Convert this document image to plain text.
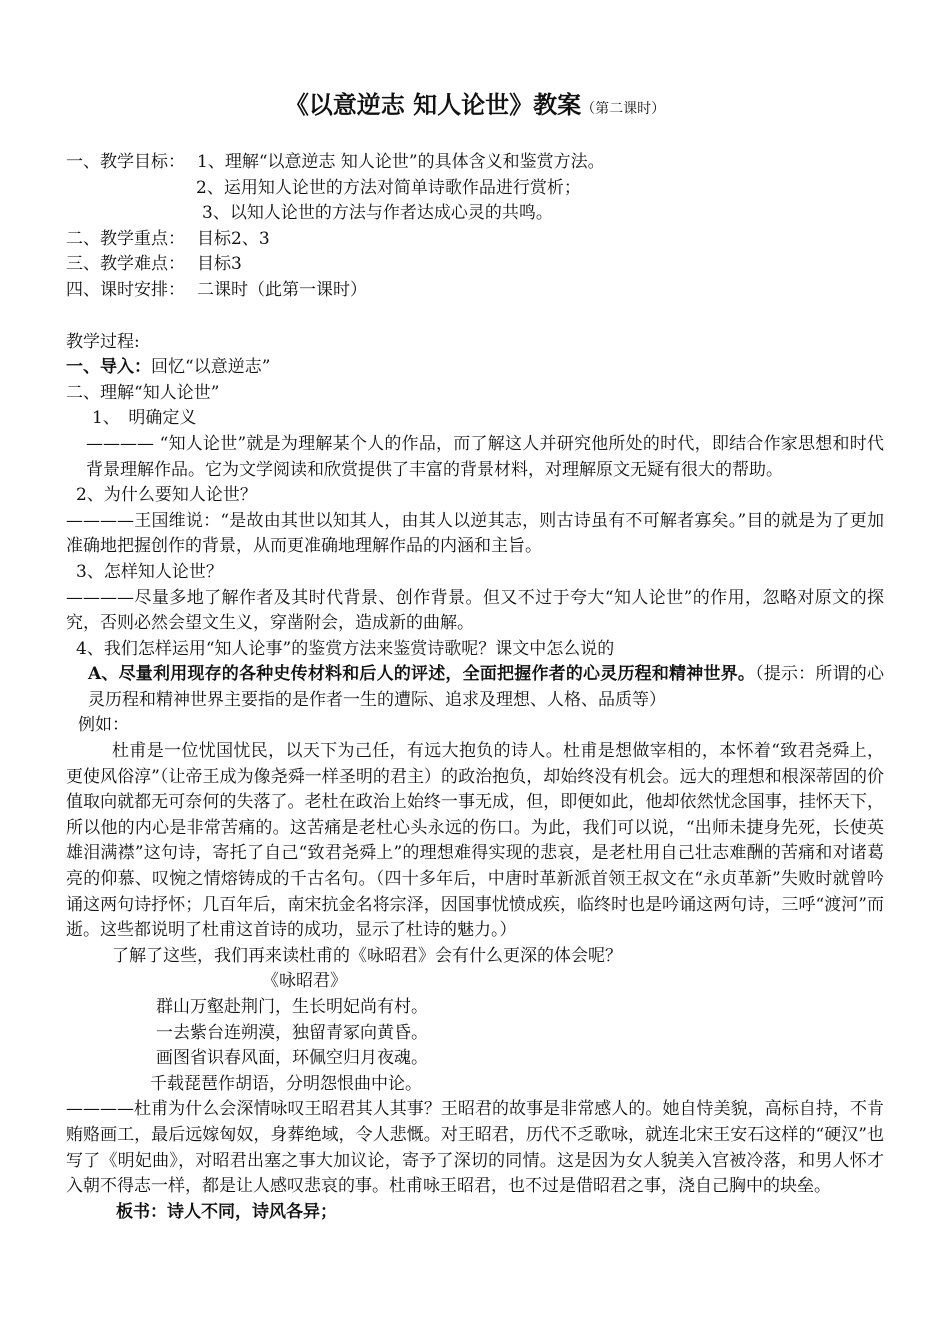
《以意逆志 知人论世》教案（第二课时）

一、教学目标： 1、理解“以意逆志 知人论世”的具体含义和鉴赏方法。

2、运用知人论世的方法对简单诗歌作品进行赏析；

3、以知人论世的方法与作者达成心灵的共鸣。

二、教学重点： 目标2、3

三、教学难点： 目标3

四、课时安排： 二课时（此第一课时）

教学过程:

一、导入：回忆“以意逆志”

二、理解“知人论世”

1、　明确定义

———— “知人论世”就是为理解某个人的作品，而了解这人并研究他所处的时代，即结合作家思想和时代背景理解作品。它为文学阅读和欣赏提供了丰富的背景材料，对理解原文无疑有很大的帮助。

2、为什么要知人论世？

————王国维说：“是故由其世以知其人，由其人以逆其志，则古诗虽有不可解者寡矣。”目的就是为了更加准确地把握创作的背景，从而更准确地理解作品的内涵和主旨。

3、怎样知人论世？

————尽量多地了解作者及其时代背景、创作背景。但又不过于夸大“知人论世”的作用，忽略对原文的探究，否则必然会望文生义，穿凿附会，造成新的曲解。

4、我们怎样运用“知人论事”的鉴赏方法来鉴赏诗歌呢？课文中怎么说的

A、尽量利用现存的各种史传材料和后人的评述，全面把握作者的心灵历程和精神世界。（提示：所谓的心灵历程和精神世界主要指的是作者一生的遭际、追求及理想、人格、品质等）

例如：

杜甫是一位忧国忧民，以天下为己任，有远大抱负的诗人。杜甫是想做宰相的，本怀着“致君尧舜上，更使风俗淳”（让帝王成为像尧舜一样圣明的君主）的政治抱负，却始终没有机会。远大的理想和根深蒂固的价值取向就都无可奈何的失落了。老杜在政治上始终一事无成，但，即便如此，他却依然忧念国事，挂怀天下，所以他的内心是非常苦痛的。这苦痛是老杜心头永远的伤口。为此，我们可以说，“出师未捷身先死，长使英雄泪满襟”这句诗，寄托了自己“致君尧舜上”的理想难得实现的悲哀，是老杜用自己壮志难酬的苦痛和对诸葛亮的仰慕、叹惋之情熔铸成的千古名句。（四十多年后，中唐时革新派首领王叔文在“永贞革新”失败时就曾吟诵这两句诗抒怀；几百年后，南宋抗金名将宗泽，因国事忧愤成疾，临终时也是吟诵这两句诗，三呼“渡河”而逝。这些都说明了杜甫这首诗的成功，显示了杜诗的魅力。）

了解了这些，我们再来读杜甫的《咏昭君》会有什么更深的体会呢？

《咏昭君》

群山万壑赴荆门，生长明妃尚有村。

一去紫台连朔漠，独留青冢向黄昏。

画图省识春风面，环佩空归月夜魂。

千载琵琶作胡语，分明怨恨曲中论。

————杜甫为什么会深情咏叹王昭君其人其事？王昭君的故事是非常感人的。她自恃美貌，高标自持，不肯贿赂画工，最后远嫁匈奴，身葬绝域，令人悲慨。对王昭君，历代不乏歌咏，就连北宋王安石这样的“硬汉”也写了《明妃曲》，对昭君出塞之事大加议论，寄予了深切的同情。这是因为女人貌美入宫被冷落，和男人怀才入朝不得志一样，都是让人感叹悲哀的事。杜甫咏王昭君，也不过是借昭君之事，浇自己胸中的块垒。

板书：诗人不同，诗风各异；
